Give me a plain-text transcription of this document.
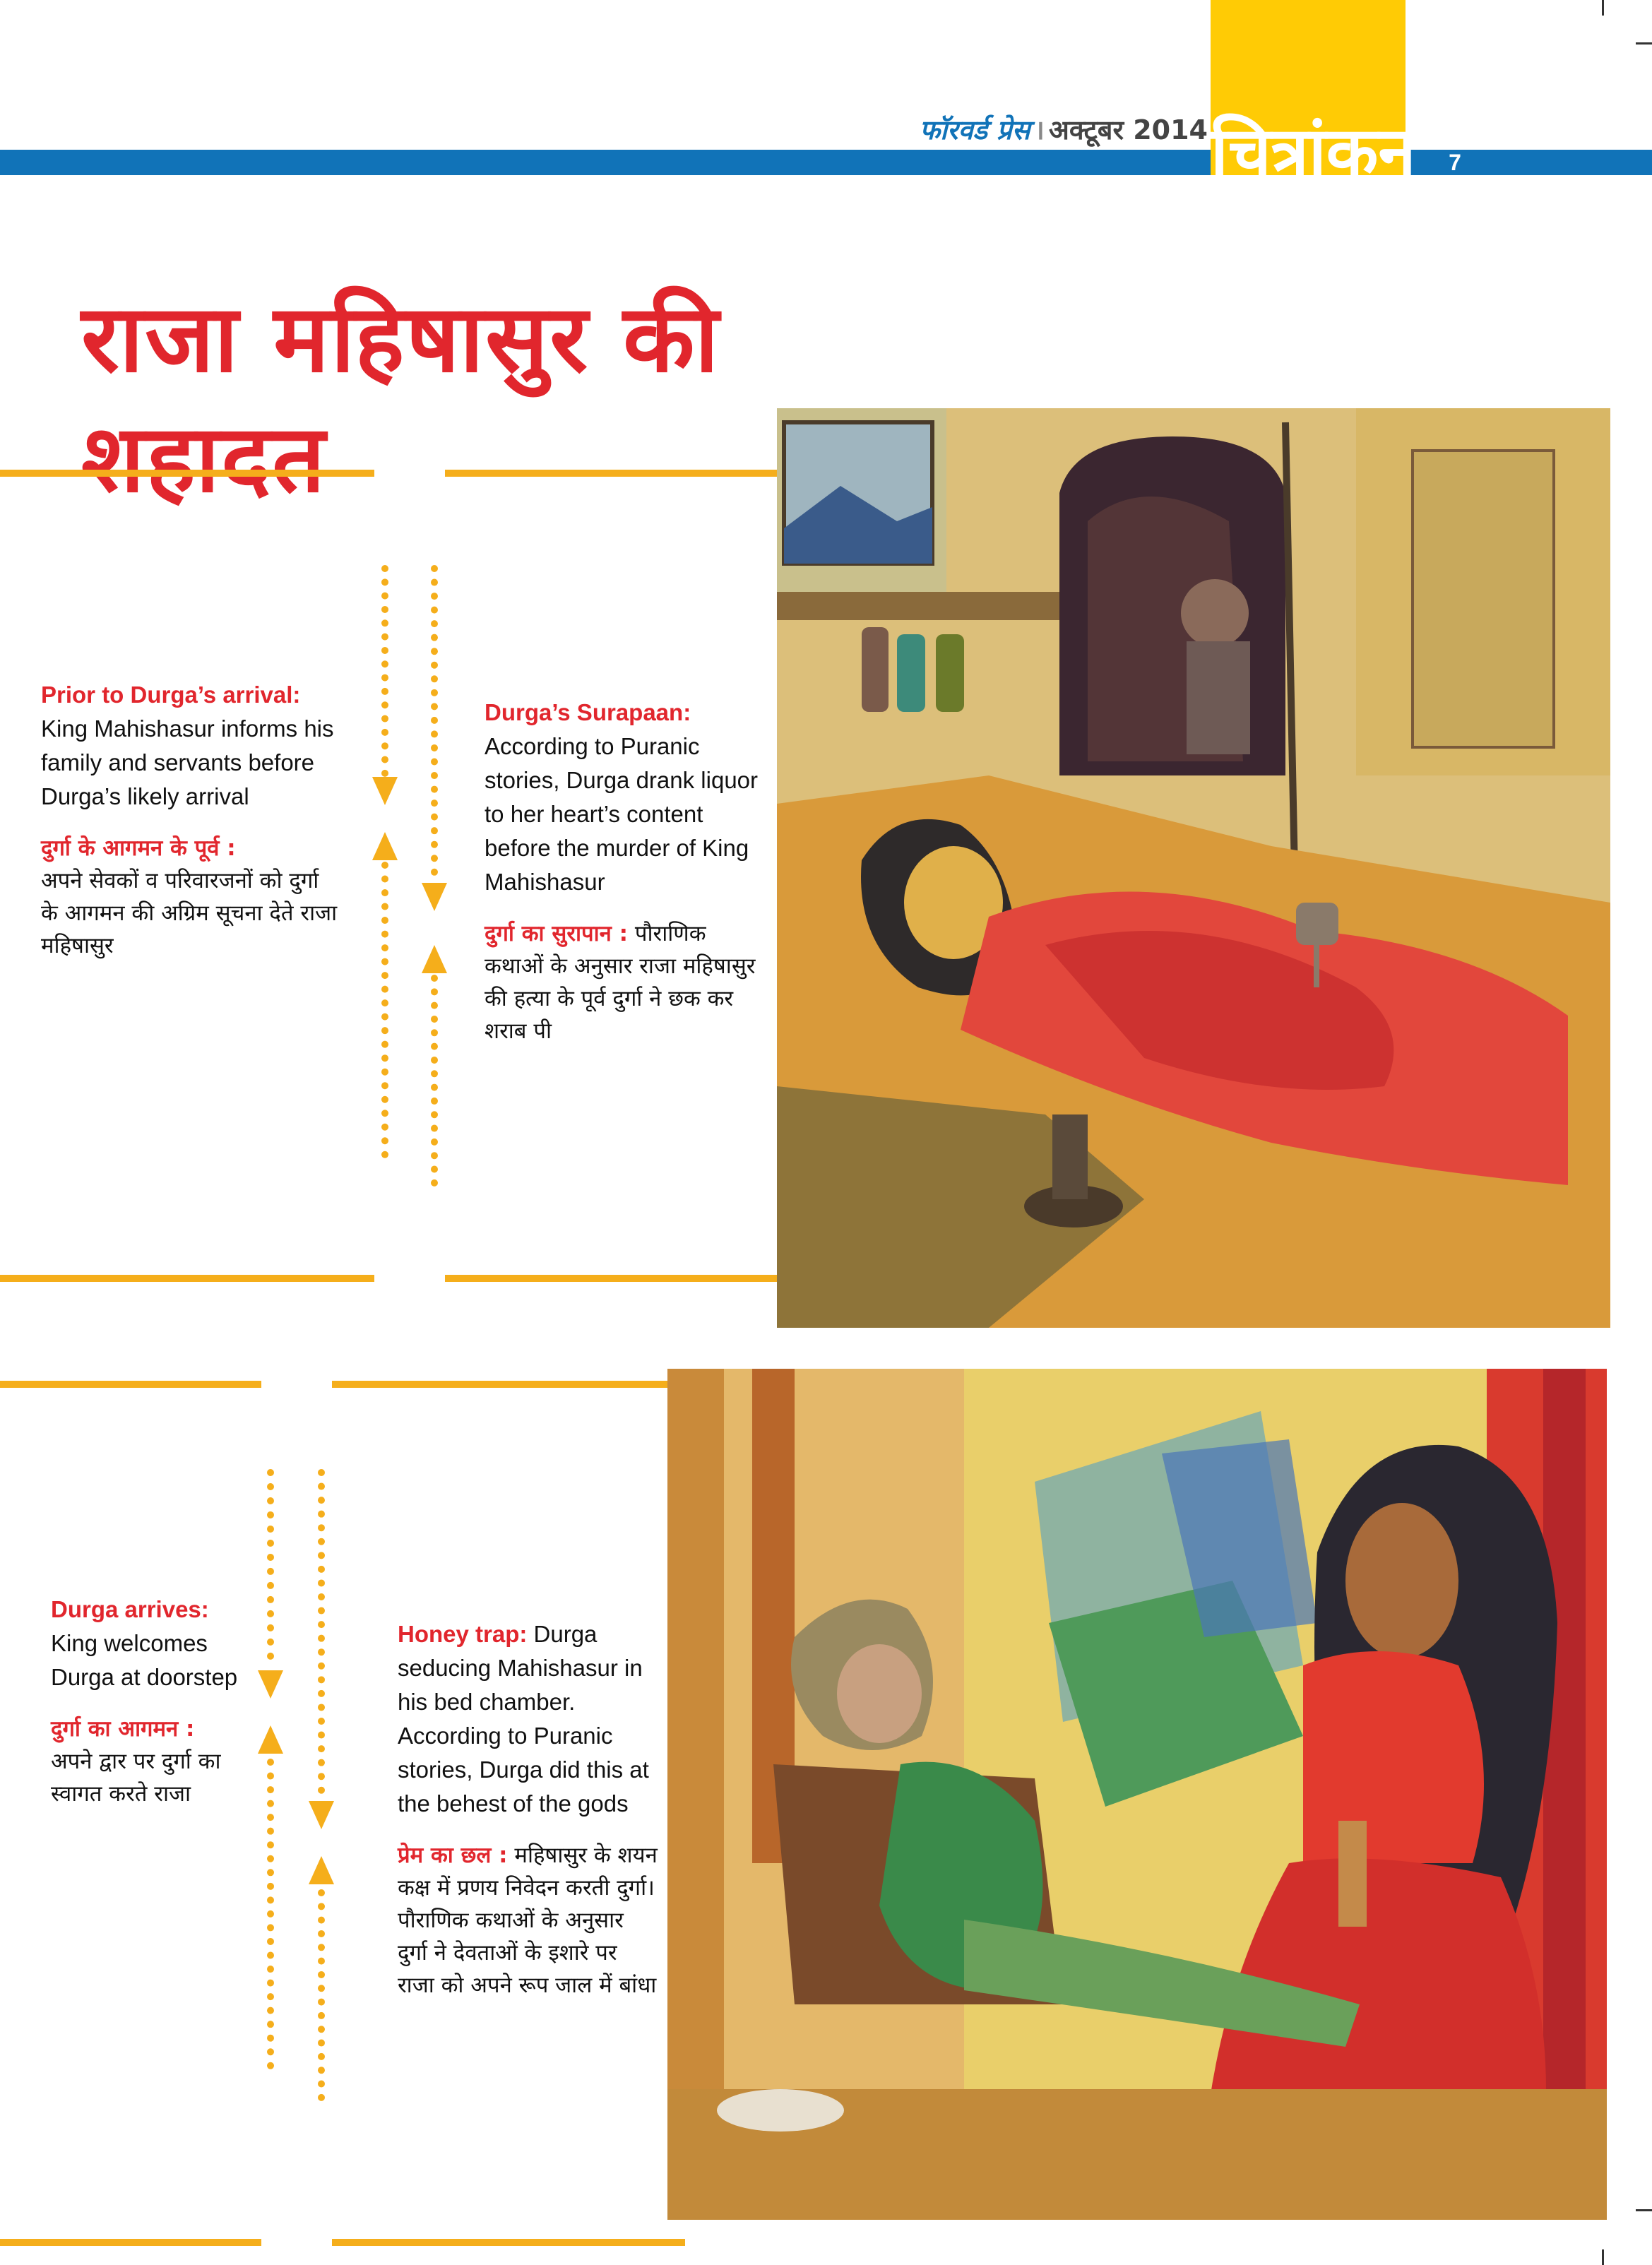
चित्रांकन	7
फॉरवर्ड प्रेस । अक्टूबर 2014
राजा महिषासुर की शहादत
Prior to Durga’s arrival:
King Mahishasur informs his family and servants before Durga’s likely arrival
दुर्गा के आगमन के पूर्व :
अपने सेवकों व परिवारजनों को दुर्गा के आगमन की अग्रिम सूचना देते राजा महिषासुर
Durga’s Surapaan:
According to Puranic stories, Durga drank liquor to her heart’s content before the murder of King Mahishasur
दुर्गा का सुरापान : पौराणिक कथाओं के अनुसार राजा महिषासुर की हत्या के पूर्व दुर्गा ने छक कर शराब पी
Durga arrives:
King welcomes Durga at doorstep
दुर्गा का आगमन :
अपने द्वार पर दुर्गा का स्वागत करते राजा
Honey trap: Durga seducing Mahishasur in his bed chamber. According to Puranic stories, Durga did this at the behest of the gods
प्रेम का छल : महिषासुर के शयन कक्ष में प्रणय निवेदन करती दुर्गा। पौराणिक कथाओं के अनुसार दुर्गा ने देवताओं के इशारे पर राजा को अपने रूप जाल में बांधा
